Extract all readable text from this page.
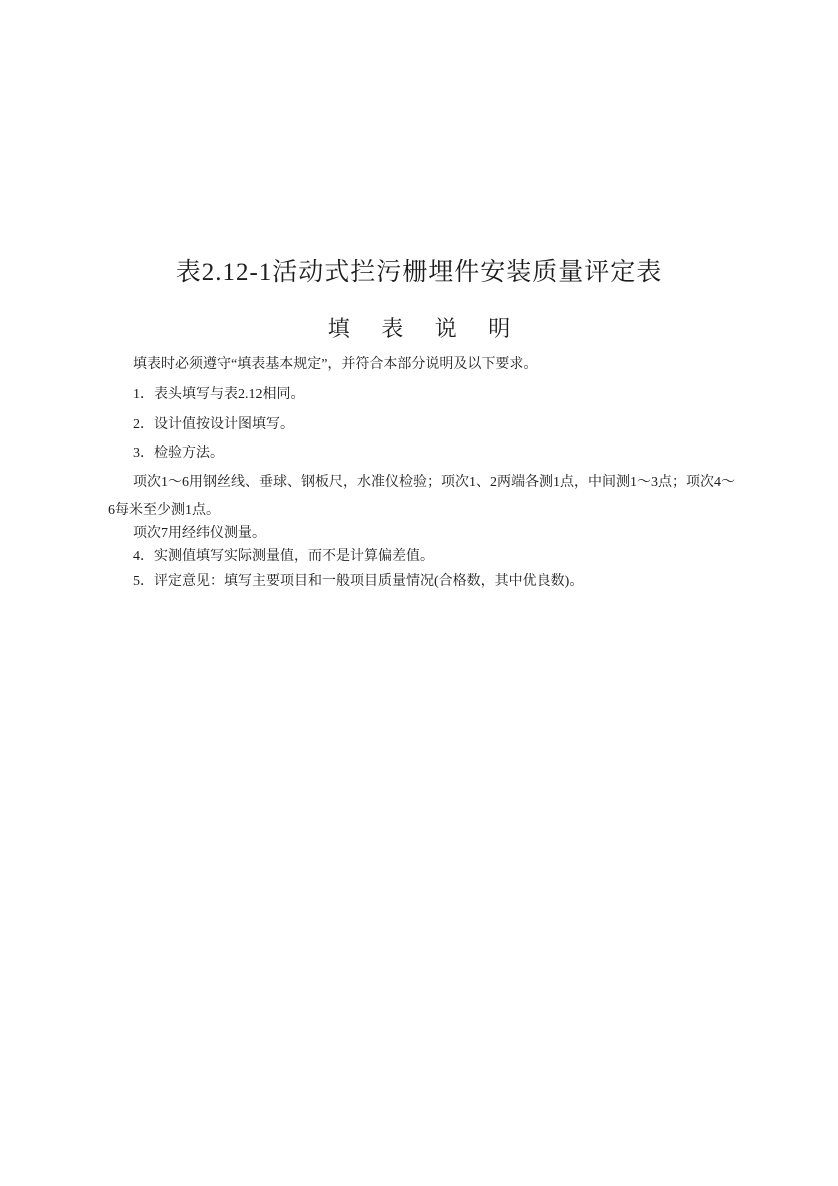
表2.12-1活动式拦污栅埋件安装质量评定表
填 表 说 明
填表时必须遵守“填表基本规定”，并符合本部分说明及以下要求。
1．表头填写与表2.12相同。
2．设计值按设计图填写。
3．检验方法。
项次1～6用钢丝线、垂球、钢板尺，水准仪检验；项次1、2两端各测1点，中间测1～3点；项次4～
6每米至少测1点。
项次7用经纬仪测量。
4．实测值填写实际测量值，而不是计算偏差值。
5．评定意见：填写主要项目和一般项目质量情况(合格数，其中优良数)。
